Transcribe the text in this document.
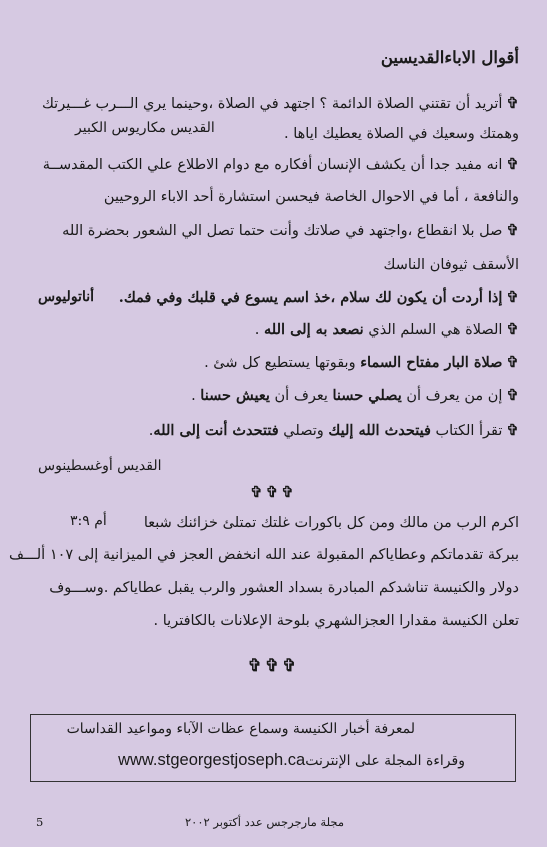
أقوال الاباءالقديسين
✞أتريد أن تقتني الصلاة الدائمة ؟ اجتهد في الصلاة ،وحينما يري الـــرب غـــيرتك
وهمتك وسعيك في الصلاة يعطيك اياها .
القديس مكاريوس الكبير
✞انه مفيد جدا أن يكشف الإنسان أفكاره مع دوام الاطلاع علي الكتب المقدســة
والنافعة ، أما في الاحوال الخاصة فيحسن استشارة أحد الاباء الروحيين
✞صل بلا انقطاع ،واجتهد في صلاتك وأنت حتما تصل الي الشعور بحضرة الله
الأسقف ثيوفان الناسك
✞إذا أردت أن يكون لك سلام ،خذ اسم يسوع في قلبك وفي فمك.
أناتوليوس
✞الصلاة هي السلم الذي نصعد به إلى الله .
✞صلاة البار مفتاح السماء وبقوتها يستطيع كل شئ .
✞إن من يعرف أن يصلي حسنا يعرف أن يعيش حسنا .
✞تقرأ الكتاب فيتحدث الله إليك وتصلي فتتحدث أنت إلى الله.
القديس أوغسطينوس
✞✞✞
اكرم الرب من مالك ومن كل باكورات غلتك تمتلئ خزائنك شبعا
أم ٣:٩
ببركة تقدماتكم وعطاياكم المقبولة عند الله انخفض العجز في الميزانية إلى ١٠٧ ألـــف
دولار والكنيسة تناشدكم المبادرة بسداد العشور والرب يقبل عطاياكم .وســـوف
تعلن الكنيسة مقدارا العجزالشهري بلوحة الإعلانات بالكافتريا .
✞✞✞
لمعرفة أخبار الكنيسة وسماع عظات الآباء ومواعيد القداسات
وقراءة المجلة على الإنترنتwww.stgeorgestjoseph.ca
5	مجلة مارجرجس عدد أكتوبر ٢٠٠٢
